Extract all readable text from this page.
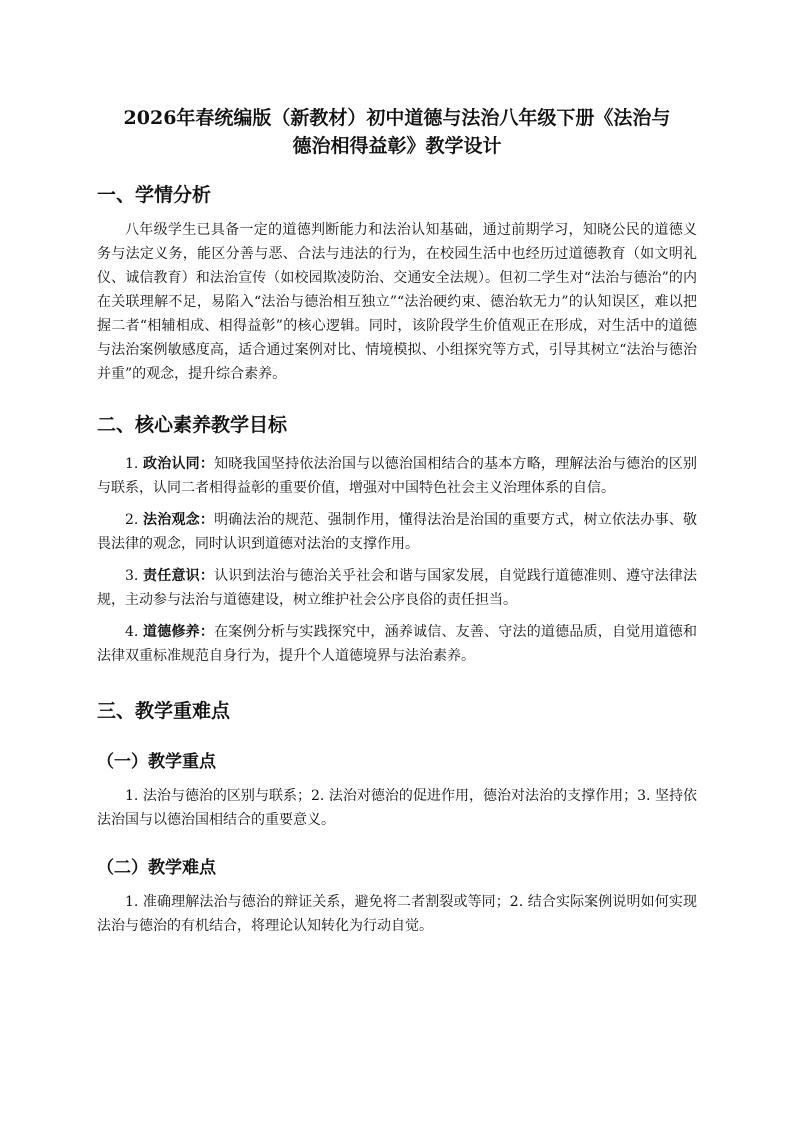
2026年春统编版（新教材）初中道德与法治八年级下册《法治与
德治相得益彰》教学设计
一、学情分析
八年级学生已具备一定的道德判断能力和法治认知基础，通过前期学习，知晓公民的道德义务与法定义务，能区分善与恶、合法与违法的行为，在校园生活中也经历过道德教育（如文明礼仪、诚信教育）和法治宣传（如校园欺凌防治、交通安全法规）。但初二学生对“法治与德治”的内在关联理解不足，易陷入“法治与德治相互独立”“法治硬约束、德治软无力”的认知误区，难以把握二者“相辅相成、相得益彰”的核心逻辑。同时，该阶段学生价值观正在形成，对生活中的道德与法治案例敏感度高，适合通过案例对比、情境模拟、小组探究等方式，引导其树立“法治与德治并重”的观念，提升综合素养。
二、核心素养教学目标
1. 政治认同：知晓我国坚持依法治国与以德治国相结合的基本方略，理解法治与德治的区别与联系，认同二者相得益彰的重要价值，增强对中国特色社会主义治理体系的自信。
2. 法治观念：明确法治的规范、强制作用，懂得法治是治国的重要方式，树立依法办事、敬畏法律的观念，同时认识到道德对法治的支撑作用。
3. 责任意识：认识到法治与德治关乎社会和谐与国家发展，自觉践行道德准则、遵守法律法规，主动参与法治与道德建设，树立维护社会公序良俗的责任担当。
4. 道德修养：在案例分析与实践探究中，涵养诚信、友善、守法的道德品质，自觉用道德和法律双重标准规范自身行为，提升个人道德境界与法治素养。
三、教学重难点
（一）教学重点
1. 法治与德治的区别与联系；2. 法治对德治的促进作用，德治对法治的支撑作用；3. 坚持依法治国与以德治国相结合的重要意义。
（二）教学难点
1. 准确理解法治与德治的辩证关系，避免将二者割裂或等同；2. 结合实际案例说明如何实现法治与德治的有机结合，将理论认知转化为行动自觉。
